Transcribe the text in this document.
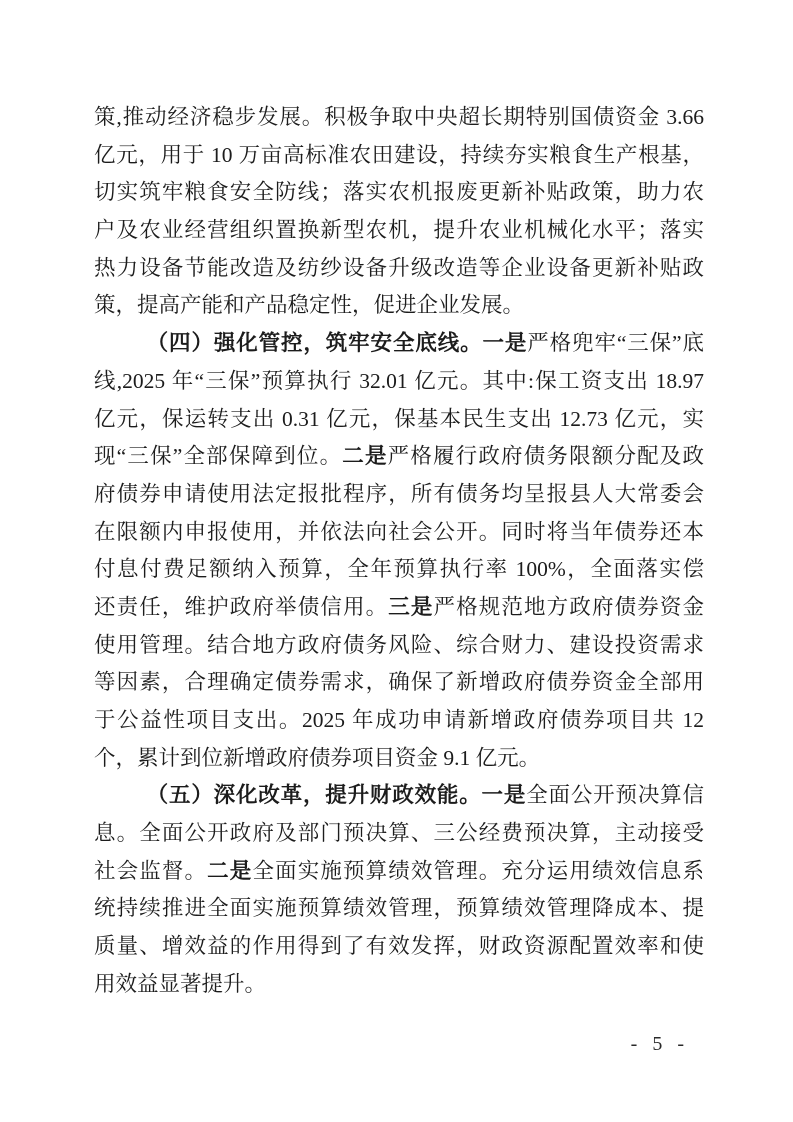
策,推动经济稳步发展。积极争取中央超长期特别国债资金 3.66
亿元，用于 10 万亩高标准农田建设，持续夯实粮食生产根基，
切实筑牢粮食安全防线；落实农机报废更新补贴政策，助力农
户及农业经营组织置换新型农机，提升农业机械化水平；落实
热力设备节能改造及纺纱设备升级改造等企业设备更新补贴政
策，提高产能和产品稳定性，促进企业发展。
（四）强化管控，筑牢安全底线。一是严格兜牢“三保”底
线,2025 年“三保”预算执行 32.01 亿元。其中:保工资支出 18.97
亿元，保运转支出 0.31 亿元，保基本民生支出 12.73 亿元，实
现“三保”全部保障到位。二是严格履行政府债务限额分配及政
府债券申请使用法定报批程序，所有债务均呈报县人大常委会
在限额内申报使用，并依法向社会公开。同时将当年债券还本
付息付费足额纳入预算，全年预算执行率 100%，全面落实偿
还责任，维护政府举债信用。三是严格规范地方政府债券资金
使用管理。结合地方政府债务风险、综合财力、建设投资需求
等因素，合理确定债券需求，确保了新增政府债券资金全部用
于公益性项目支出。2025 年成功申请新增政府债券项目共 12
个，累计到位新增政府债券项目资金 9.1 亿元。
（五）深化改革，提升财政效能。一是全面公开预决算信
息。全面公开政府及部门预决算、三公经费预决算，主动接受
社会监督。二是全面实施预算绩效管理。充分运用绩效信息系
统持续推进全面实施预算绩效管理，预算绩效管理降成本、提
质量、增效益的作用得到了有效发挥，财政资源配置效率和使
用效益显著提升。
- 5 -
